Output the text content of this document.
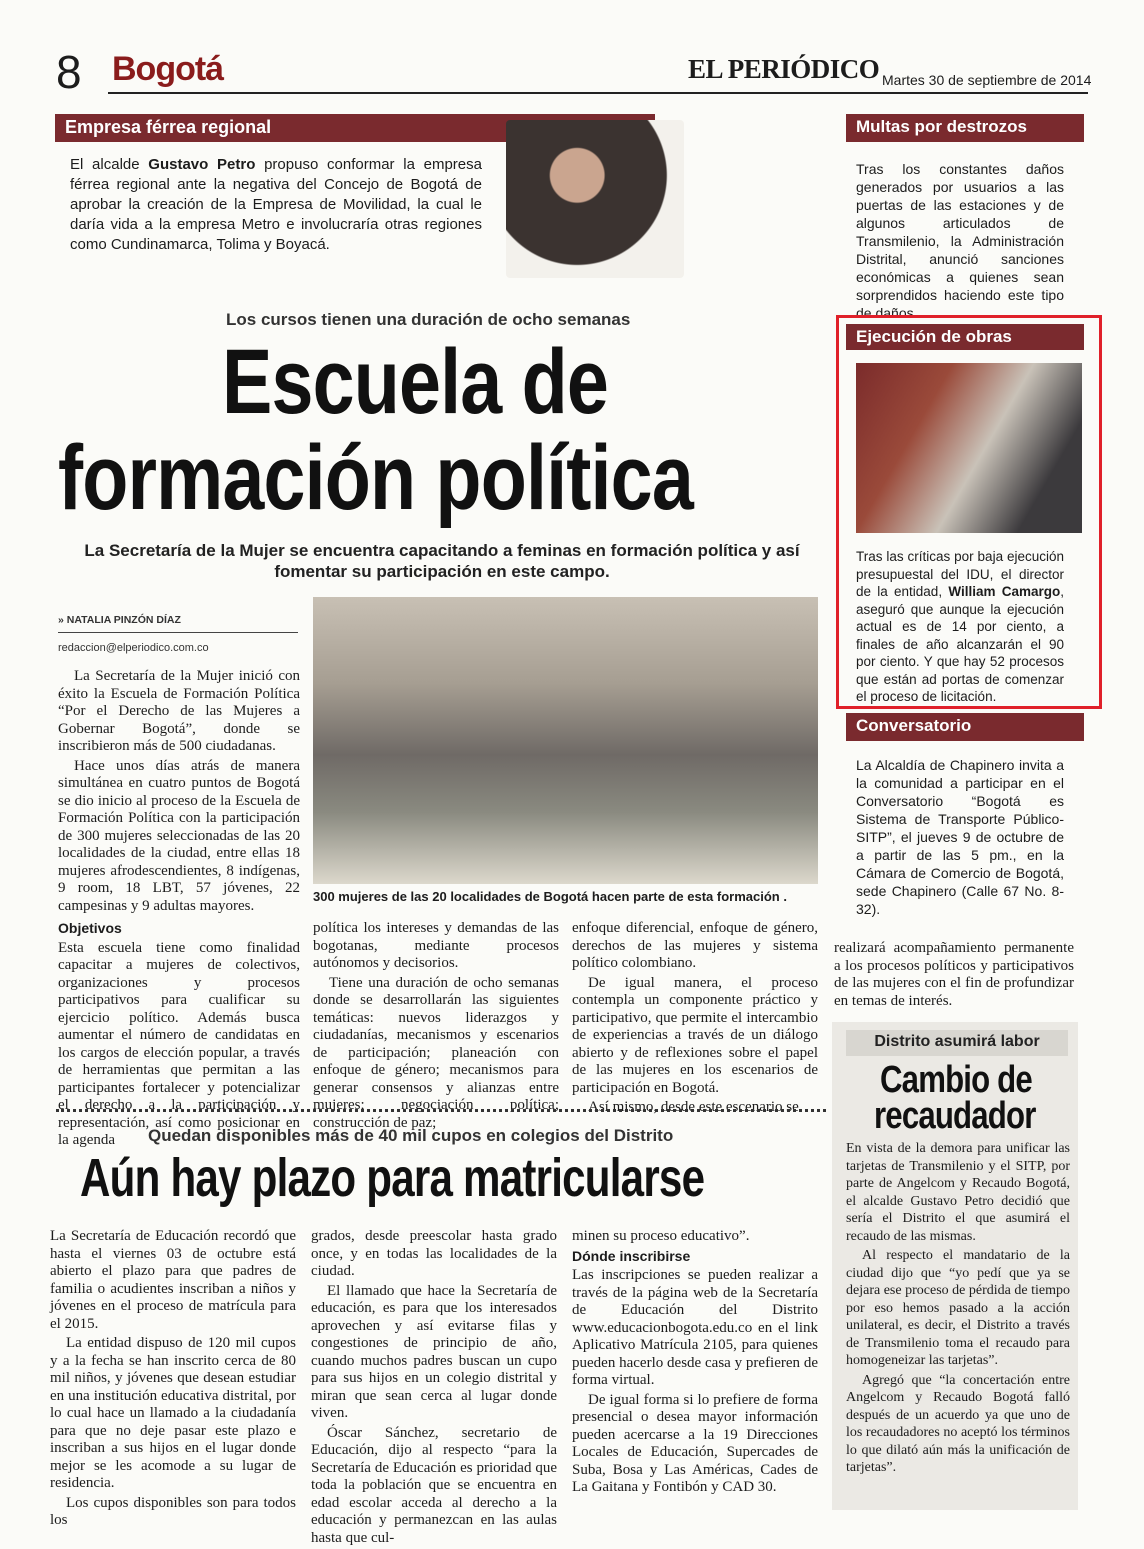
8 Bogotá	EL PERIÓDICO Martes 30 de septiembre de 2014
Empresa férrea regional
El alcalde Gustavo Petro propuso conformar la empresa férrea regional ante la negativa del Concejo de Bogotá de aprobar la creación de la Empresa de Movilidad, la cual le daría vida a la empresa Metro e involucraría otras regiones como Cundinamarca, Tolima y Boyacá.
Multas por destrozos
Tras los constantes daños generados por usuarios a las puertas de las estaciones y de algunos articulados de Transmilenio, la Administración Distrital, anunció sanciones económicas a quienes sean sorprendidos haciendo este tipo de daños .
Ejecución de obras
Tras las críticas por baja ejecución presupuestal del IDU, el director de la entidad, William Camargo, aseguró que aunque la ejecución actual es de 14 por ciento, a finales de año alcanzarán el 90 por ciento. Y que hay 52 procesos que están ad portas de comenzar el proceso de licitación.
Conversatorio
La Alcaldía de Chapinero invita a la comunidad a participar en el Conversatorio “Bogotá es Sistema de Transporte Público-SITP”, el jueves 9 de octubre de a partir de las 5 pm., en la Cámara de Comercio de Bogotá, sede Chapinero (Calle 67 No. 8-32).
Los cursos tienen una duración de ocho semanas
Escuela de
formación política
La Secretaría de la Mujer se encuentra capacitando a feminas en formación política y así fomentar su participación en este campo.
» NATALIA PINZÓN DÍAZ
redaccion@elperiodico.com.co

La Secretaría de la Mujer inició con éxito la Escuela de Formación Política “Por el Derecho de las Mujeres a Gobernar Bogotá”, donde se inscribieron más de 500 ciudadanas.

Hace unos días atrás de manera simultánea en cuatro puntos de Bogotá se dio inicio al proceso de la Escuela de Formación Política con la participación de 300 mujeres seleccionadas de las 20 localidades de la ciudad, entre ellas 18 mujeres afrodescendientes, 8 indígenas, 9 room, 18 LBT, 57 jóvenes, 22 campesinas y 9 adultas mayores.

300 mujeres de las 20 localidades de Bogotá hacen parte de esta formación .

Objetivos

Esta escuela tiene como finalidad capacitar a mujeres de colectivos, organizaciones y procesos participativos para cualificar su ejercicio político. Además busca aumentar el número de candidatas en los cargos de elección popular, a través de herramientas que permitan a las participantes fortalecer y potencializar el derecho a la participación y representación, así como posicionar en la agenda

política los intereses y demandas de las bogotanas, mediante procesos autónomos y decisorios.

Tiene una duración de ocho semanas donde se desarrollarán las siguientes temáticas: nuevos liderazgos y ciudadanías, mecanismos y escenarios de participación; planeación con enfoque de género; mecanismos para generar consensos y alianzas entre mujeres; negociación política; construcción de paz;

enfoque diferencial, enfoque de género, derechos de las mujeres y sistema político colombiano.

De igual manera, el proceso contempla un componente práctico y participativo, que permite el intercambio de experiencias a través de un diálogo abierto y de reflexiones sobre el papel de las mujeres en los escenarios de participación en Bogotá.

Así mismo, desde este escenario se

realizará acompañamiento permanente a los procesos políticos y participativos de las mujeres con el fin de profundizar en temas de interés.

Distrito asumirá labor
Cambio de
recaudador

En vista de la demora para unificar las tarjetas de Transmilenio y el SITP, por parte de Angelcom y Recaudo Bogotá, el alcalde Gustavo Petro decidió que sería el Distrito el que asumirá el recaudo de las mismas.

Al respecto el mandatario de la ciudad dijo que “yo pedí que ya se dejara ese proceso de pérdida de tiempo por eso hemos pasado a la acción unilateral, es decir, el Distrito a través de Transmilenio toma el recaudo para homogeneizar las tarjetas”.

Agregó que “la concertación entre Angelcom y Recaudo Bogotá falló después de un acuerdo ya que uno de los recaudadores no aceptó los términos lo que dilató aún más la unificación de tarjetas”.

Quedan disponibles más de 40 mil cupos en colegios del Distrito
Aún hay plazo para matricularse

La Secretaría de Educación recordó que hasta el viernes 03 de octubre está abierto el plazo para que padres de familia o acudientes inscriban a niños y jóvenes en el proceso de matrícula para el 2015.

La entidad dispuso de 120 mil cupos y a la fecha se han inscrito cerca de 80 mil niños, y jóvenes que desean estudiar en una institución educativa distrital, por lo cual hace un llamado a la ciudadanía para que no deje pasar este plazo e inscriban a sus hijos en el lugar donde mejor se les acomode a su lugar de residencia.

Los cupos disponibles son para todos los

grados, desde preescolar hasta grado once, y en todas las localidades de la ciudad.

El llamado que hace la Secretaría de educación, es para que los interesados aprovechen y así evitarse filas y congestiones de principio de año, cuando muchos padres buscan un cupo para sus hijos en un colegio distrital y miran que sean cerca al lugar donde viven.

Óscar Sánchez, secretario de Educación, dijo al respecto “para la Secretaría de Educación es prioridad que toda la población que se encuentra en edad escolar acceda al derecho a la educación y permanezcan en las aulas hasta que cul-

minen su proceso educativo”.

Dónde inscribirse

Las inscripciones se pueden realizar a través de la página web de la Secretaría de Educación del Distrito www.educacionbogota.edu.co en el link Aplicativo Matrícula 2105, para quienes pueden hacerlo desde casa y prefieren de forma virtual.

De igual forma si lo prefiere de forma presencial o desea mayor información pueden acercarse a la 19 Direcciones Locales de Educación, Supercades de Suba, Bosa y Las Américas, Cades de La Gaitana y Fontibón y CAD 30.
